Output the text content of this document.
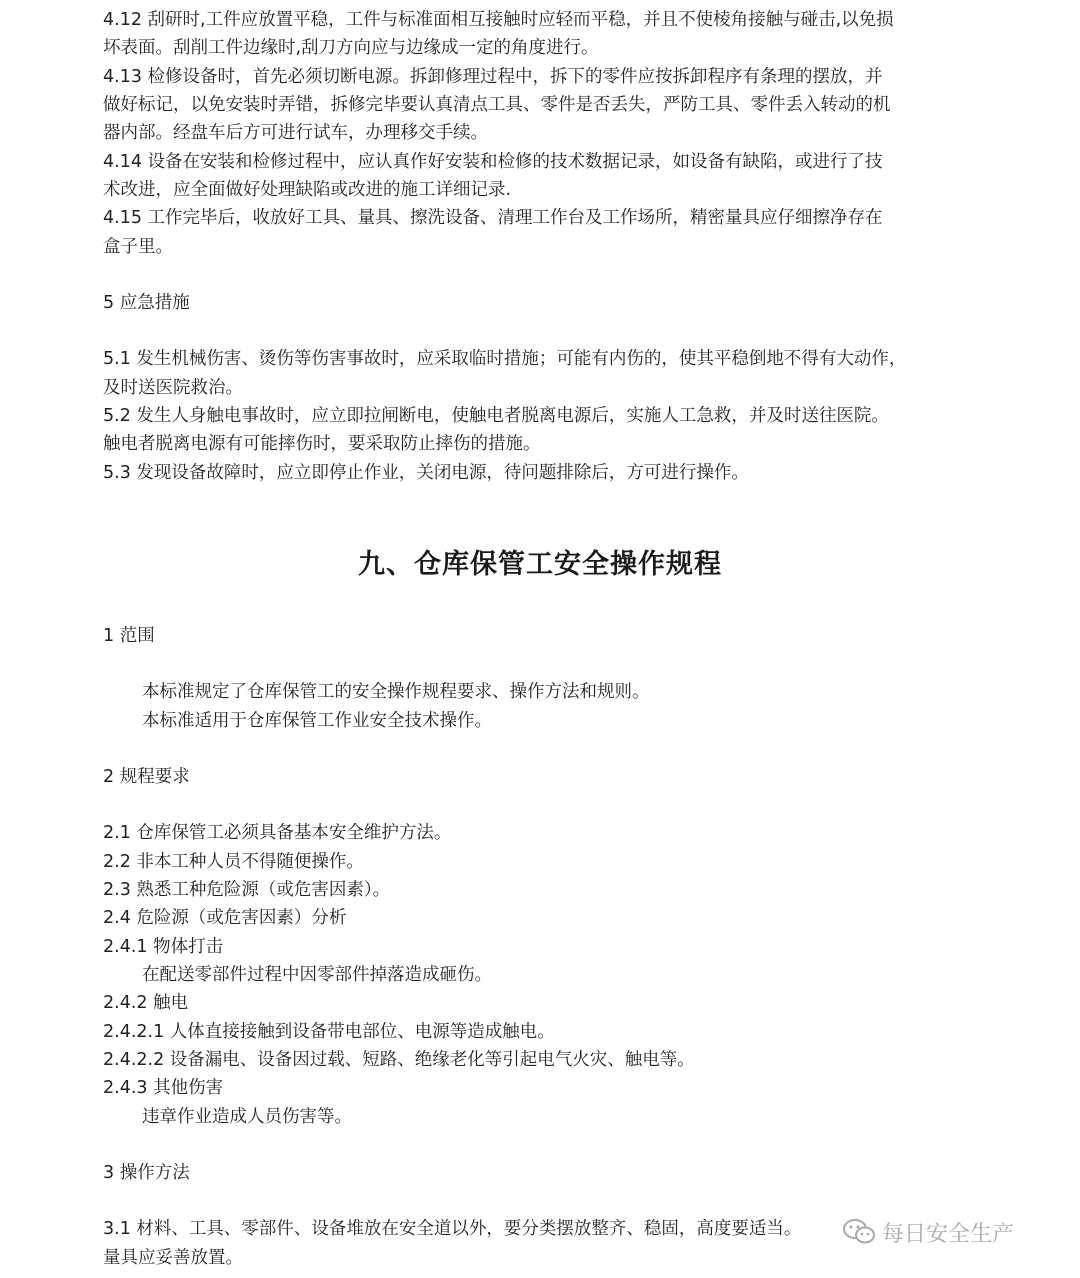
4.12 刮研时,工件应放置平稳，工件与标准面相互接触时应轻而平稳，并且不使棱角接触与碰击,以免损
坏表面。刮削工件边缘时,刮刀方向应与边缘成一定的角度进行。
4.13 检修设备时，首先必须切断电源。拆卸修理过程中，拆下的零件应按拆卸程序有条理的摆放，并
做好标记，以免安装时弄错，拆修完毕要认真清点工具、零件是否丢失，严防工具、零件丢入转动的机
器内部。经盘车后方可进行试车，办理移交手续。
4.14 设备在安装和检修过程中，应认真作好安装和检修的技术数据记录，如设备有缺陷，或进行了技
术改进，应全面做好处理缺陷或改进的施工详细记录.
4.15 工作完毕后，收放好工具、量具、擦洗设备、清理工作台及工作场所，精密量具应仔细擦净存在
盒子里。
5 应急措施
5.1 发生机械伤害、烫伤等伤害事故时，应采取临时措施；可能有内伤的，使其平稳倒地不得有大动作，
及时送医院救治。
5.2 发生人身触电事故时，应立即拉闸断电，使触电者脱离电源后，实施人工急救，并及时送往医院。
触电者脱离电源有可能摔伤时，要采取防止摔伤的措施。
5.3 发现设备故障时，应立即停止作业，关闭电源，待问题排除后，方可进行操作。
1 范围
本标准规定了仓库保管工的安全操作规程要求、操作方法和规则。
本标准适用于仓库保管工作业安全技术操作。
2 规程要求
2.1 仓库保管工必须具备基本安全维护方法。
2.2 非本工种人员不得随便操作。
2.3 熟悉工种危险源（或危害因素）。
2.4 危险源（或危害因素）分析
2.4.1 物体打击
在配送零部件过程中因零部件掉落造成砸伤。
2.4.2 触电
2.4.2.1 人体直接接触到设备带电部位、电源等造成触电。
2.4.2.2 设备漏电、设备因过载、短路、绝缘老化等引起电气火灾、触电等。
2.4.3 其他伤害
违章作业造成人员伤害等。
3 操作方法
3.1 材料、工具、零部件、设备堆放在安全道以外，要分类摆放整齐、稳固，高度要适当。
量具应妥善放置。
九、仓库保管工安全操作规程
每日安全生产
